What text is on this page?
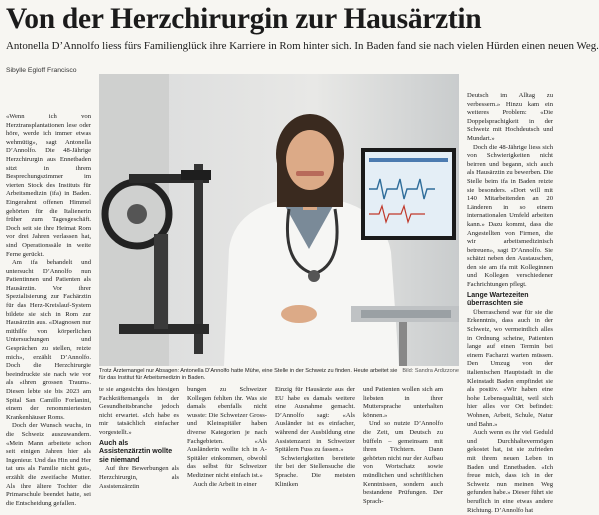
Von der Herzchirurgin zur Hausärztin
Antonella D’Annolfo liess fürs Familienglück ihre Karriere in Rom hinter sich. In Baden fand sie nach vielen Hürden einen neuen Weg.
Sibylle Egloff Francisco

«Wenn ich von Herztransplantationen lese oder höre, werde ich immer etwas wehmütig», sagt Antonella D’Annolfo. Die 48-Jährige Herzchirurgin aus Ennetbaden sitzt in ihrem Besprechungszimmer im vierten Stock des Instituts für Arbeitsmedizin (ifa) in Baden. Eingerahmt offenen Himmel gehörten für die Italienerin früher zum Tagesgeschäft. Doch seit sie ihre Heimat Rom vor drei Jahren verlassen hat, sind Operationssäle in weite Ferne gerückt.

Am ifa behandelt und untersucht D’Annolfo nun Patientinnen und Patienten als Hausärztin. Vor ihrer Spezialisierung zur Fachärztin für das Herz-Kreislauf-System bildete sie sich in Rom zur Hausärztin aus. «Diagnosen nur mithilfe von körperlichen Untersuchungen und Gesprächen zu stellen, reizte mich», erzählt D’Annolfo. Doch die Herzchirurgie beeindruckte sie nach wie vor als «ihren grossen Traum». Diesen lebte sie bis 2023 am Spital San Camillo Forlanini, einem der renommiertesten Krankenhäuser Roms.

Doch der Wunsch wuchs, in die Schweiz auszuwandern. «Mein Mann arbeitete schon seit einigen Jahren hier als Ingenieur. Und das Hin und Her tat uns als Familie nicht gut», erzählt die zweifache Mutter. Als ihre ältere Tochter die Primarschule beendet hatte, sei die Entscheidung gefallen.

Bild: Sandra Ardizzone
Trotz Ärztemangel nur Absagen: Antonella D’Annolfo hatte Mühe, eine Stelle in der Schweiz zu finden. Heute arbeitet sie für das Institut für Arbeitsmedizin in Baden.

te sie angesichts des hiesigen Fachkräftemangels in der Gesundheitsbranche jedoch nicht erwartet. «Ich habe es mir tatsächlich einfacher vorgestellt.»

Auch als Assistenzärztin wollte sie niemand

Auf ihre Bewerbungen als Herzchirurgin, als Assistenzärztin

bungen zu Schweizer Kollegen fehlten ihr. Was sie damals ebenfalls nicht wusste: Die Schweizer Gross- und Kleinspitäler haben diverse Kategorien je nach Fachgebieten. «Als Ausländerin wollte ich in A-Spitäler einkommen, obwohl das selbst für Schweizer Mediziner nicht einfach ist.»

Auch die Arbeit in einer

Einzig für Hausärzte aus der EU habe es damals weitere eine Ausnahme gemacht. D’Annolfo sagt: «Als Ausländer ist es einfacher, während der Ausbildung eine Assistenzarzt in Schweizer Spitälern Fuss zu fassen.»

Schwierigkeiten bereitete ihr bei der Stellensuche die Sprache. Die meisten Kliniken

und Patienten wollen sich am liebsten in ihrer Muttersprache unterhalten können.»

Und so nutzte D’Annolfo die Zeit, um Deutsch zu büffeln – gemeinsam mit ihren Töchtern. Dann gehörten nicht nur der Aufbau von Wortschatz sowie mündlichen und schriftlichen Kenntnissen, sondern auch bestandene Prüfungen. Der Sprach-

Deutsch im Alltag zu verbessern.» Hinzu kam ein weiteres Problem: «Die Doppelsprachigkeit in der Schweiz mit Hochdeutsch und Mundart.»

Doch die 48-Jährige liess sich von Schwierigkeiten nicht beirren und begann, sich auch als Hausärztin zu bewerben. Die Stelle beim ifa in Baden reizte sie besonders. «Dort will mit 140 Mitarbeitenden an 20 Länderen in so einem internationalen Umfeld arbeiten kann.» Dazu kommt, dass die Angestellten von Firmen, die wir arbeitsmedizinisch betreuen», sagt D’Annolfo. Sie schätzt neben den Austauschen, den sie am ifa mit Kolleginnen und Kollegen verschiedener Fachrichtungen pflegt.

Lange Wartezeiten überraschten sie

Überraschend war für sie die Erkenntnis, dass auch in der Schweiz, wo vermeintlich alles in Ordnung scheine, Patienten lange auf einen Termin bei einem Facharzt warten müssen. Den Umzug von der italienischen Hauptstadt in die Kleinstadt Baden empfindet sie als positiv. «Wir haben eine hohe Lebensqualität, weil sich hier alles vor Ort befindet: Wohnen, Arbeit, Schule, Natur und Bahn.»

Auch wenn es ihr viel Geduld und Durchhaltevermögen gekostet hat, ist sie zufrieden mit ihrem neuen Leben in Baden und Ennetbaden. «Ich freue mich, dass ich in der Schweiz nun meinen Weg gefunden habe.» Dieser führt sie beruflich in eine etwas andere Richtung. D’Annolfo hat
